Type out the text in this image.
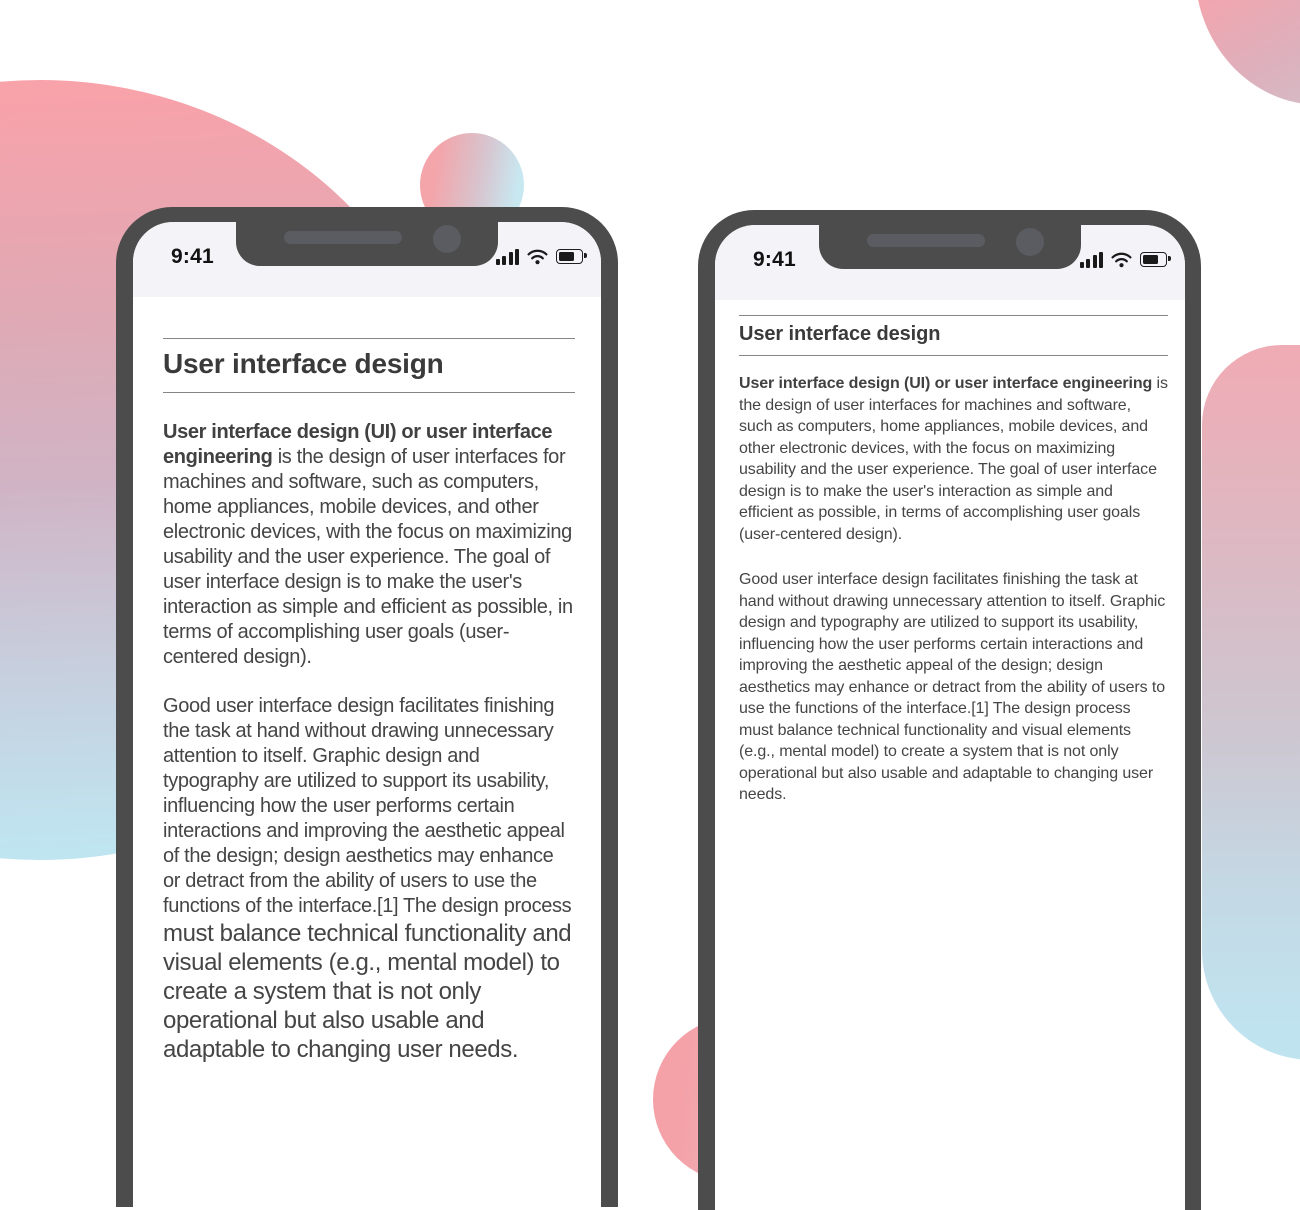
9:41
User interface design

User interface design (UI) or user interface engineering is the design of user interfaces for machines and software, such as computers, home appliances, mobile devices, and other electronic devices, with the focus on maximizing usability and the user experience. The goal of user interface design is to make the user's interaction as simple and efficient as possible, in terms of accomplishing user goals (user-centered design).

Good user interface design facilitates finishing the task at hand without drawing unnecessary attention to itself. Graphic design and typography are utilized to support its usability, influencing how the user performs certain interactions and improving the aesthetic appeal of the design; design aesthetics may enhance or detract from the ability of users to use the functions of the interface.[1] The design process must balance technical functionality and visual elements (e.g., mental model) to create a system that is not only operational but also usable and adaptable to changing user needs.

9:41
User interface design

User interface design (UI) or user interface engineering is the design of user interfaces for machines and software, such as computers, home appliances, mobile devices, and other electronic devices, with the focus on maximizing usability and the user experience. The goal of user interface design is to make the user's interaction as simple and efficient as possible, in terms of accomplishing user goals (user-centered design).

Good user interface design facilitates finishing the task at hand without drawing unnecessary attention to itself. Graphic design and typography are utilized to support its usability, influencing how the user performs certain interactions and improving the aesthetic appeal of the design; design aesthetics may enhance or detract from the ability of users to use the functions of the interface.[1] The design process must balance technical functionality and visual elements (e.g., mental model) to create a system that is not only operational but also usable and adaptable to changing user needs.
